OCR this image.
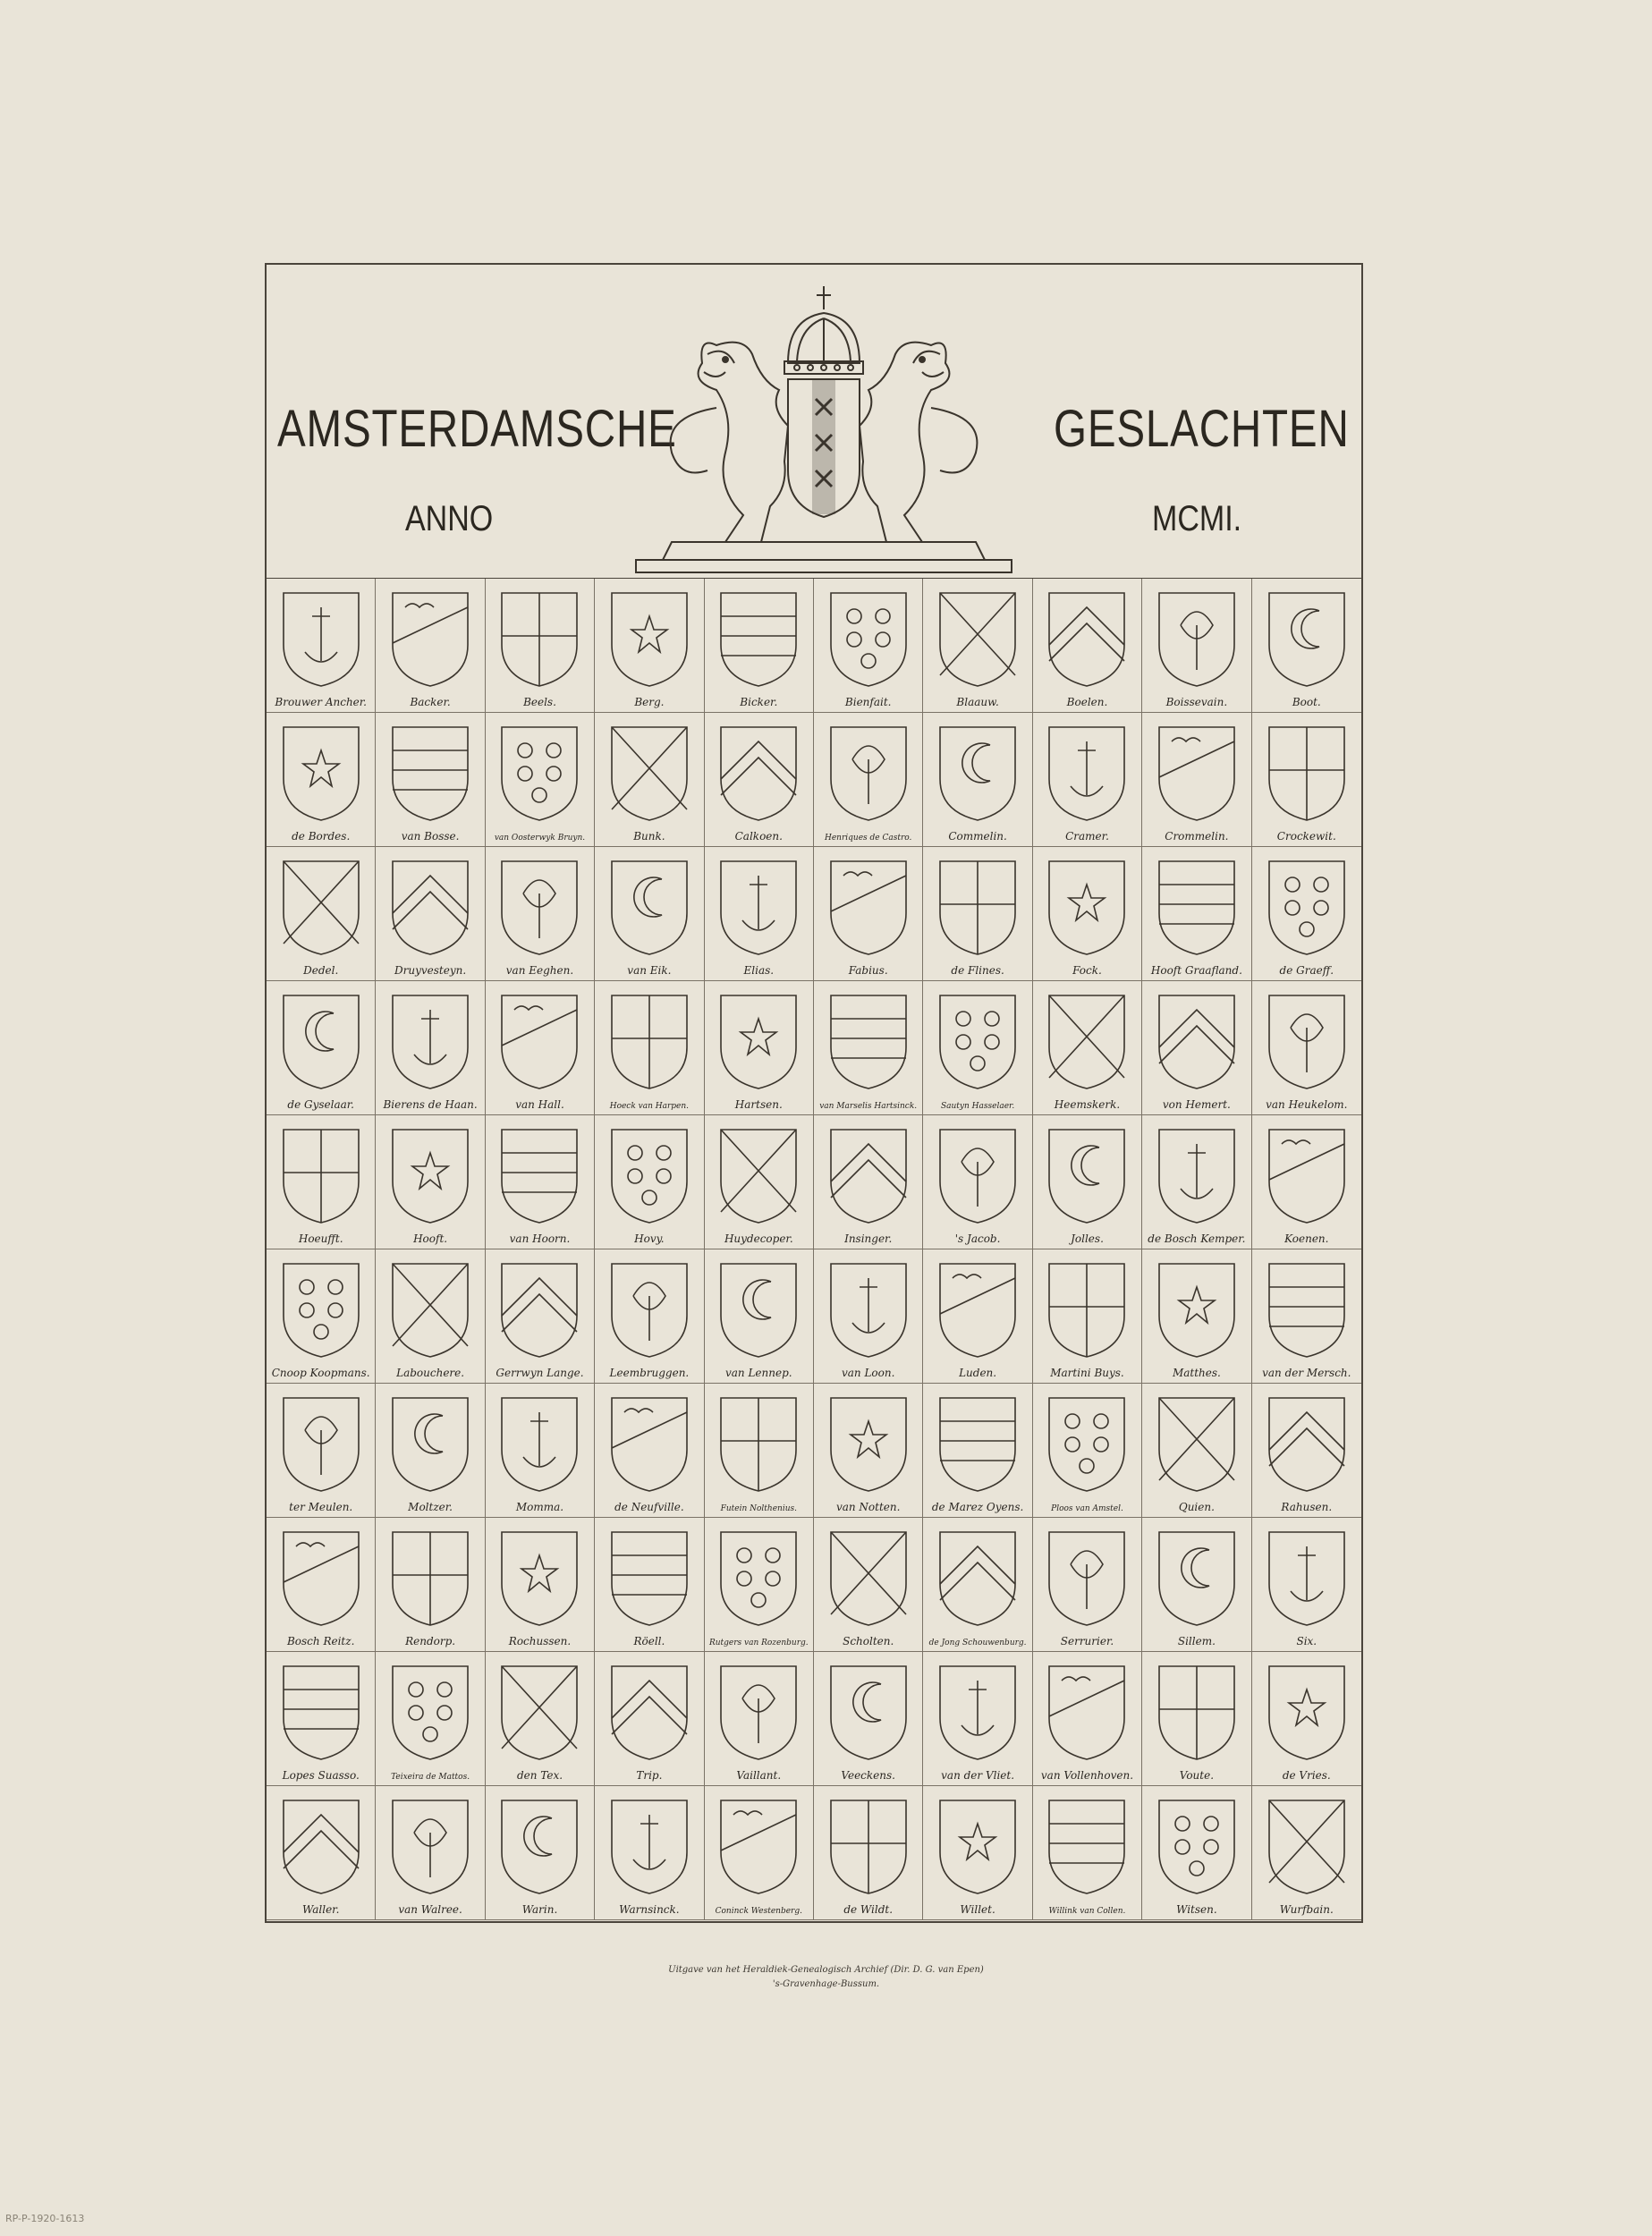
AMSTERDAMSCHE	GESLACHTEN
ANNO	MCMI.
Brouwer Ancher.	Backer.	Beels.	Berg.	Bicker.	Bienfait.	Blaauw.	Boelen.	Boissevain.	Boot.
de Bordes.	van Bosse.	van Oosterwyk Bruyn.	Bunk.	Calkoen.	Henriques de Castro.	Commelin.	Cramer.	Crommelin.	Crockewit.
Dedel.	Druyvesteyn.	van Eeghen.	van Eik.	Elias.	Fabius.	de Flines.	Fock.	Hooft Graafland.	de Graeff.
de Gyselaar.	Bierens de Haan.	van Hall.	Hoeck van Harpen.	Hartsen.	van Marselis Hartsinck.	Sautyn Hasselaer.	Heemskerk.	von Hemert.	van Heukelom.
Hoeufft.	Hooft.	van Hoorn.	Hovy.	Huydecoper.	Insinger.	's Jacob.	Jolles.	de Bosch Kemper.	Koenen.
Cnoop Koopmans.	Labouchere.	Gerrwyn Lange.	Leembruggen.	van Lennep.	van Loon.	Luden.	Martini Buys.	Matthes.	van der Mersch.
ter Meulen.	Moltzer.	Momma.	de Neufville.	Futein Nolthenius.	van Notten.	de Marez Oyens.	Ploos van Amstel.	Quien.	Rahusen.
Bosch Reitz.	Rendorp.	Rochussen.	Röell.	Rutgers van Rozenburg.	Scholten.	de Jong Schouwenburg.	Serrurier.	Sillem.	Six.
Lopes Suasso.	Teixeira de Mattos.	den Tex.	Trip.	Vaillant.	Veeckens.	van der Vliet.	van Vollenhoven.	Voute.	de Vries.
Waller.	van Walree.	Warin.	Warnsinck.	Coninck Westenberg.	de Wildt.	Willet.	Willink van Collen.	Witsen.	Wurfbain.
Uitgave van het Heraldiek-Genealogisch Archief (Dir. D. G. van Epen)
's-Gravenhage-Bussum.
RP-P-1920-1613
